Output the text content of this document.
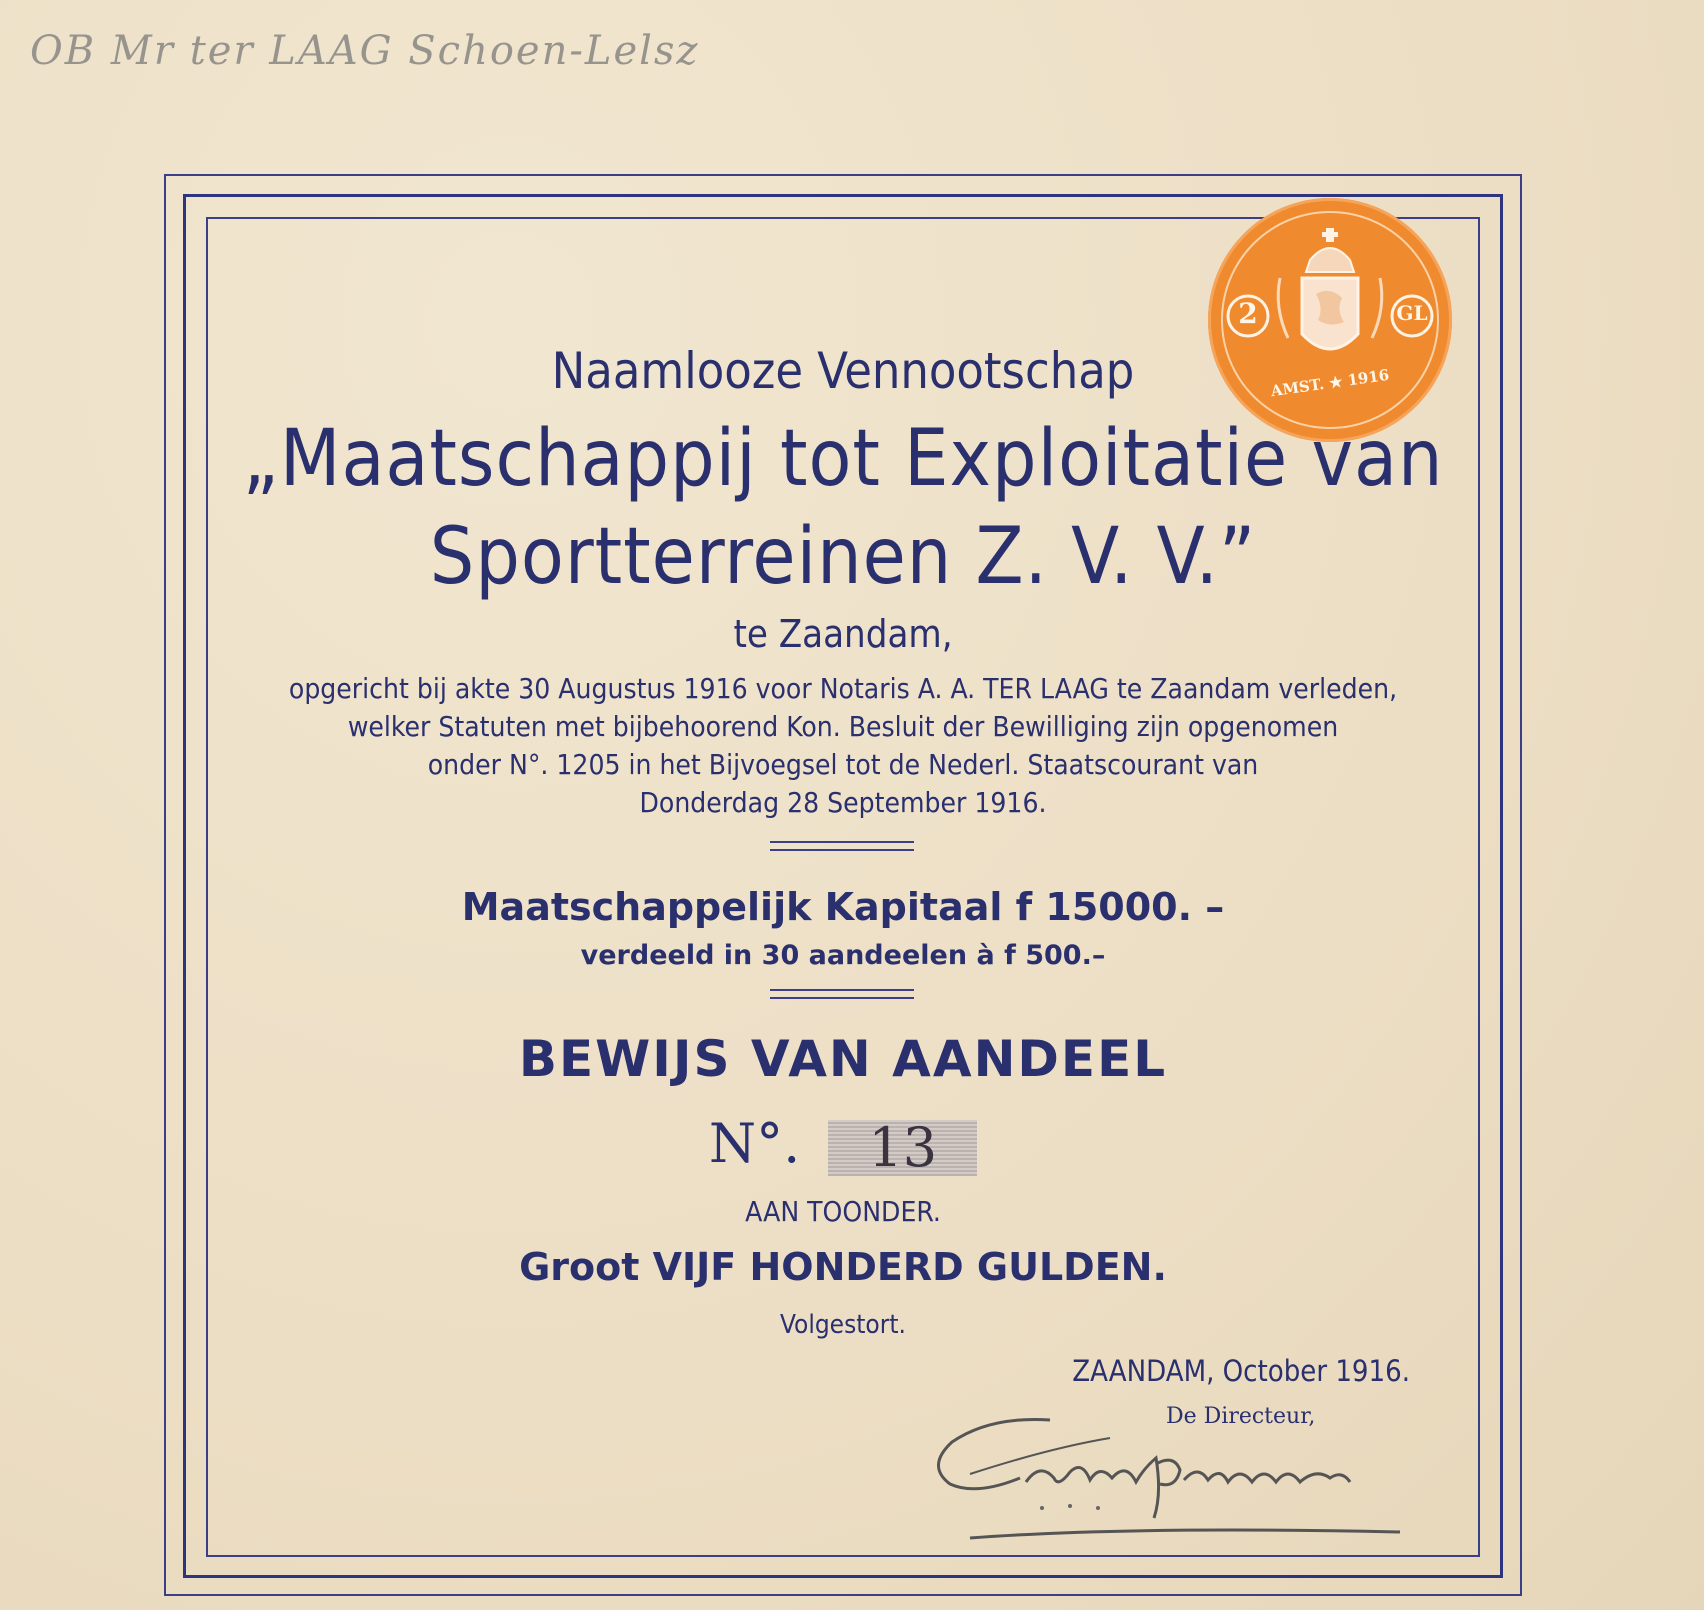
OB Mr ter LAAG Schoen-Lelsz
2	GL
AMST. ★ 1916
Naamlooze Vennootschap
„Maatschappij tot Exploitatie van
Sportterreinen Z. V. V.”
te Zaandam,
opgericht bij akte 30 Augustus 1916 voor Notaris A. A. TER LAAG te Zaandam verleden,
welker Statuten met bijbehoorend Kon. Besluit der Bewilliging zijn opgenomen
onder N°. 1205 in het Bijvoegsel tot de Nederl. Staatscourant van
Donderdag 28 September 1916.
Maatschappelijk Kapitaal f 15000. –
verdeeld in 30 aandeelen à f 500.–
BEWIJS VAN AANDEEL
N°. 13
AAN TOONDER.
Groot VIJF HONDERD GULDEN.
Volgestort.
ZAANDAM, October 1916.
De Directeur,
